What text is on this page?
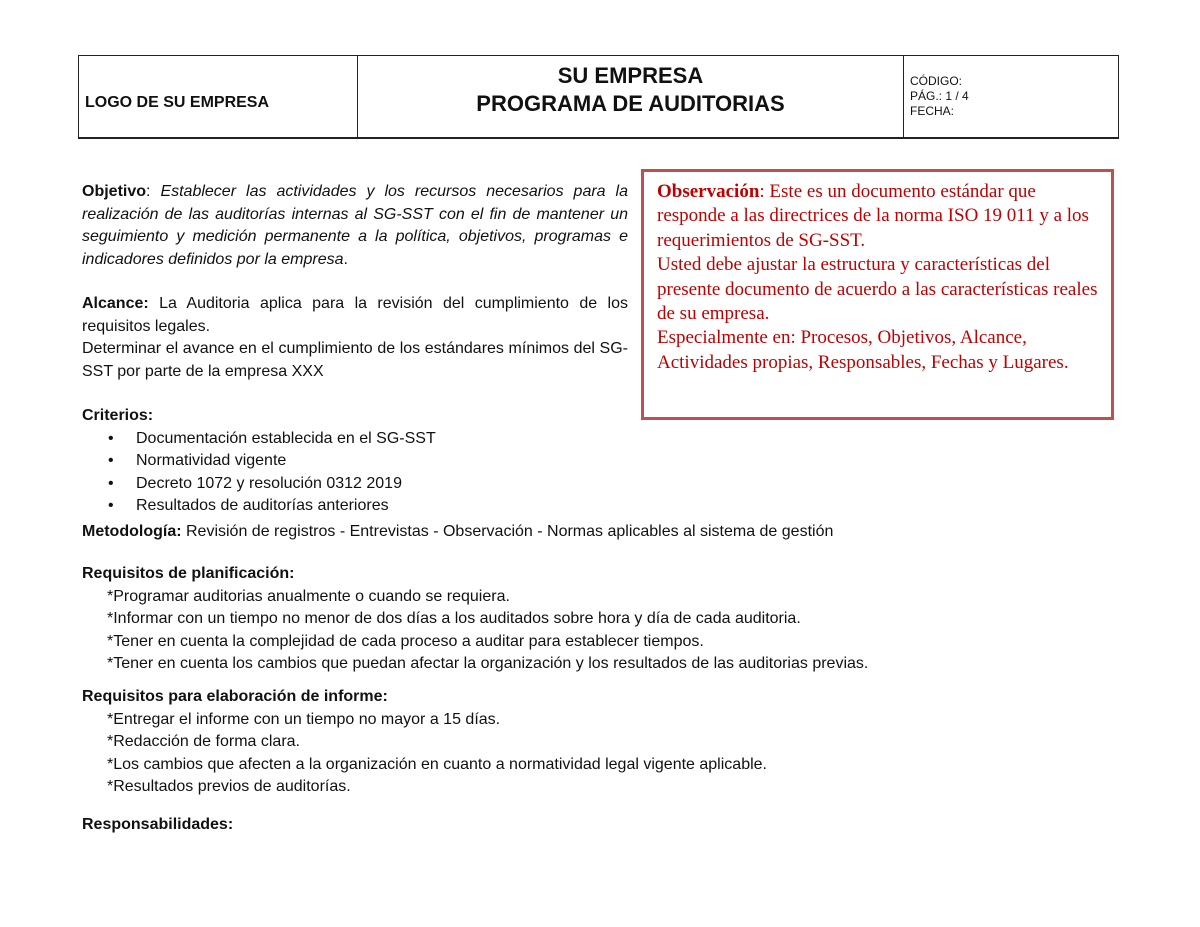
LOGO DE SU EMPRESA
SU EMPRESA
PROGRAMA DE AUDITORIAS
CÓDIGO:
PÁG.: 1 / 4
FECHA:

Objetivo: Establecer las actividades y los recursos necesarios para la realización de las auditorías internas al SG-SST con el fin de mantener un seguimiento y medición permanente a la política, objetivos, programas e indicadores definidos por la empresa.

Alcance: La Auditoria aplica para la revisión del cumplimiento de los requisitos legales.

Determinar el avance en el cumplimiento de los estándares mínimos del SG-SST por parte de la empresa XXX

Criterios:

• Documentación establecida en el SG-SST
• Normatividad vigente
• Decreto 1072 y resolución 0312 2019
• Resultados de auditorías anteriores

Observación: Este es un documento estándar que responde a las directrices de la norma ISO 19 011 y a los requerimientos de SG-SST.

Usted debe ajustar la estructura y características del presente documento de acuerdo a las características reales de su empresa.

Especialmente en: Procesos, Objetivos, Alcance, Actividades propias, Responsables, Fechas y Lugares.

Metodología: Revisión de registros - Entrevistas - Observación - Normas aplicables al sistema de gestión

Requisitos de planificación:

*Programar auditorias anualmente o cuando se requiera.

*Informar con un tiempo no menor de dos días a los auditados sobre hora y día de cada auditoria.

*Tener en cuenta la complejidad de cada proceso a auditar para establecer tiempos.

*Tener en cuenta los cambios que puedan afectar la organización y los resultados de las auditorias previas.

Requisitos para elaboración de informe:

*Entregar el informe con un tiempo no mayor a 15 días.

*Redacción de forma clara.

*Los cambios que afecten a la organización en cuanto a normatividad legal vigente aplicable.

*Resultados previos de auditorías.

Responsabilidades:
